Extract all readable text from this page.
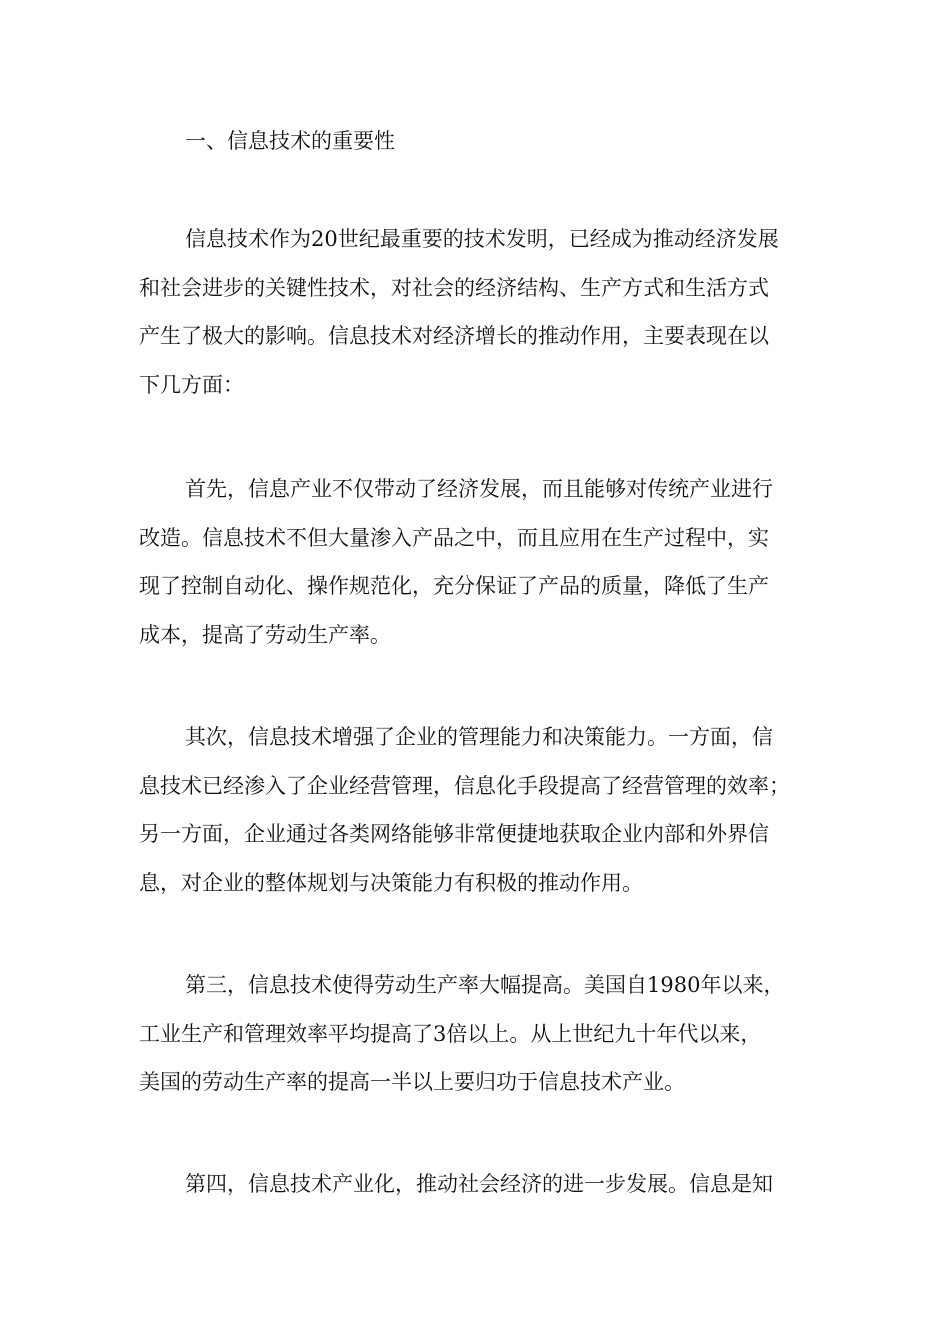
一、信息技术的重要性
信息技术作为20世纪最重要的技术发明，已经成为推动经济发展
和社会进步的关键性技术，对社会的经济结构、生产方式和生活方式
产生了极大的影响。信息技术对经济增长的推动作用，主要表现在以
下几方面：
首先，信息产业不仅带动了经济发展，而且能够对传统产业进行
改造。信息技术不但大量渗入产品之中，而且应用在生产过程中，实
现了控制自动化、操作规范化，充分保证了产品的质量，降低了生产
成本，提高了劳动生产率。
其次，信息技术增强了企业的管理能力和决策能力。一方面，信
息技术已经渗入了企业经营管理，信息化手段提高了经营管理的效率；
另一方面，企业通过各类网络能够非常便捷地获取企业内部和外界信
息，对企业的整体规划与决策能力有积极的推动作用。
第三，信息技术使得劳动生产率大幅提高。美国自1980年以来，
工业生产和管理效率平均提高了3倍以上。从上世纪九十年代以来，
美国的劳动生产率的提高一半以上要归功于信息技术产业。
第四，信息技术产业化，推动社会经济的进一步发展。信息是知
